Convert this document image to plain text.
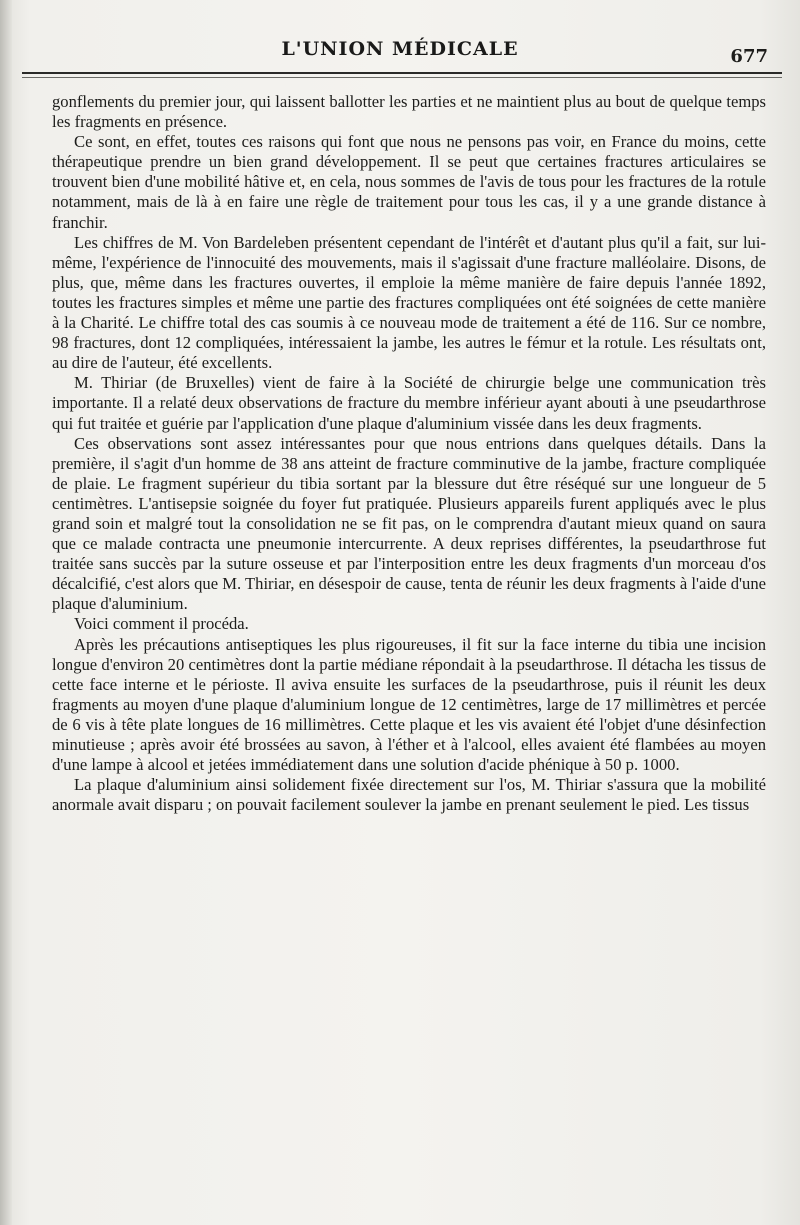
L'UNION MÉDICALE	677

gonflements du premier jour, qui laissent ballotter les parties et ne maintient plus au bout de quelque temps les fragments en présence.

Ce sont, en effet, toutes ces raisons qui font que nous ne pensons pas voir, en France du moins, cette thérapeutique prendre un bien grand développement. Il se peut que certaines fractures articulaires se trouvent bien d'une mobilité hâtive et, en cela, nous sommes de l'avis de tous pour les fractures de la rotule notamment, mais de là à en faire une règle de traitement pour tous les cas, il y a une grande distance à franchir.

Les chiffres de M. Von Bardeleben présentent cependant de l'intérêt et d'autant plus qu'il a fait, sur lui-même, l'expérience de l'innocuité des mouvements, mais il s'agissait d'une fracture malléolaire. Disons, de plus, que, même dans les fractures ouvertes, il emploie la même manière de faire depuis l'année 1892, toutes les fractures simples et même une partie des fractures compliquées ont été soignées de cette manière à la Charité. Le chiffre total des cas soumis à ce nouveau mode de traitement a été de 116. Sur ce nombre, 98 fractures, dont 12 compliquées, intéressaient la jambe, les autres le fémur et la rotule. Les résultats ont, au dire de l'auteur, été excellents.

M. Thiriar (de Bruxelles) vient de faire à la Société de chirurgie belge une communication très importante. Il a relaté deux observations de fracture du membre inférieur ayant abouti à une pseudarthrose qui fut traitée et guérie par l'application d'une plaque d'aluminium vissée dans les deux fragments.

Ces observations sont assez intéressantes pour que nous entrions dans quelques détails. Dans la première, il s'agit d'un homme de 38 ans atteint de fracture comminutive de la jambe, fracture compliquée de plaie. Le fragment supérieur du tibia sortant par la blessure dut être réséqué sur une longueur de 5 centimètres. L'antisepsie soignée du foyer fut pratiquée. Plusieurs appareils furent appliqués avec le plus grand soin et malgré tout la consolidation ne se fit pas, on le comprendra d'autant mieux quand on saura que ce malade contracta une pneumonie intercurrente. A deux reprises différentes, la pseudarthrose fut traitée sans succès par la suture osseuse et par l'interposition entre les deux fragments d'un morceau d'os décalcifié, c'est alors que M. Thiriar, en désespoir de cause, tenta de réunir les deux fragments à l'aide d'une plaque d'aluminium.

Voici comment il procéda.

Après les précautions antiseptiques les plus rigoureuses, il fit sur la face interne du tibia une incision longue d'environ 20 centimètres dont la partie médiane répondait à la pseudarthrose. Il détacha les tissus de cette face interne et le périoste. Il aviva ensuite les surfaces de la pseudarthrose, puis il réunit les deux fragments au moyen d'une plaque d'aluminium longue de 12 centimètres, large de 17 millimètres et percée de 6 vis à tête plate longues de 16 millimètres. Cette plaque et les vis avaient été l'objet d'une désinfection minutieuse ; après avoir été brossées au savon, à l'éther et à l'alcool, elles avaient été flambées au moyen d'une lampe à alcool et jetées immédiatement dans une solution d'acide phénique à 50 p. 1000.

La plaque d'aluminium ainsi solidement fixée directement sur l'os, M. Thiriar s'assura que la mobilité anormale avait disparu ; on pouvait facilement soulever la jambe en prenant seulement le pied. Les tissus
